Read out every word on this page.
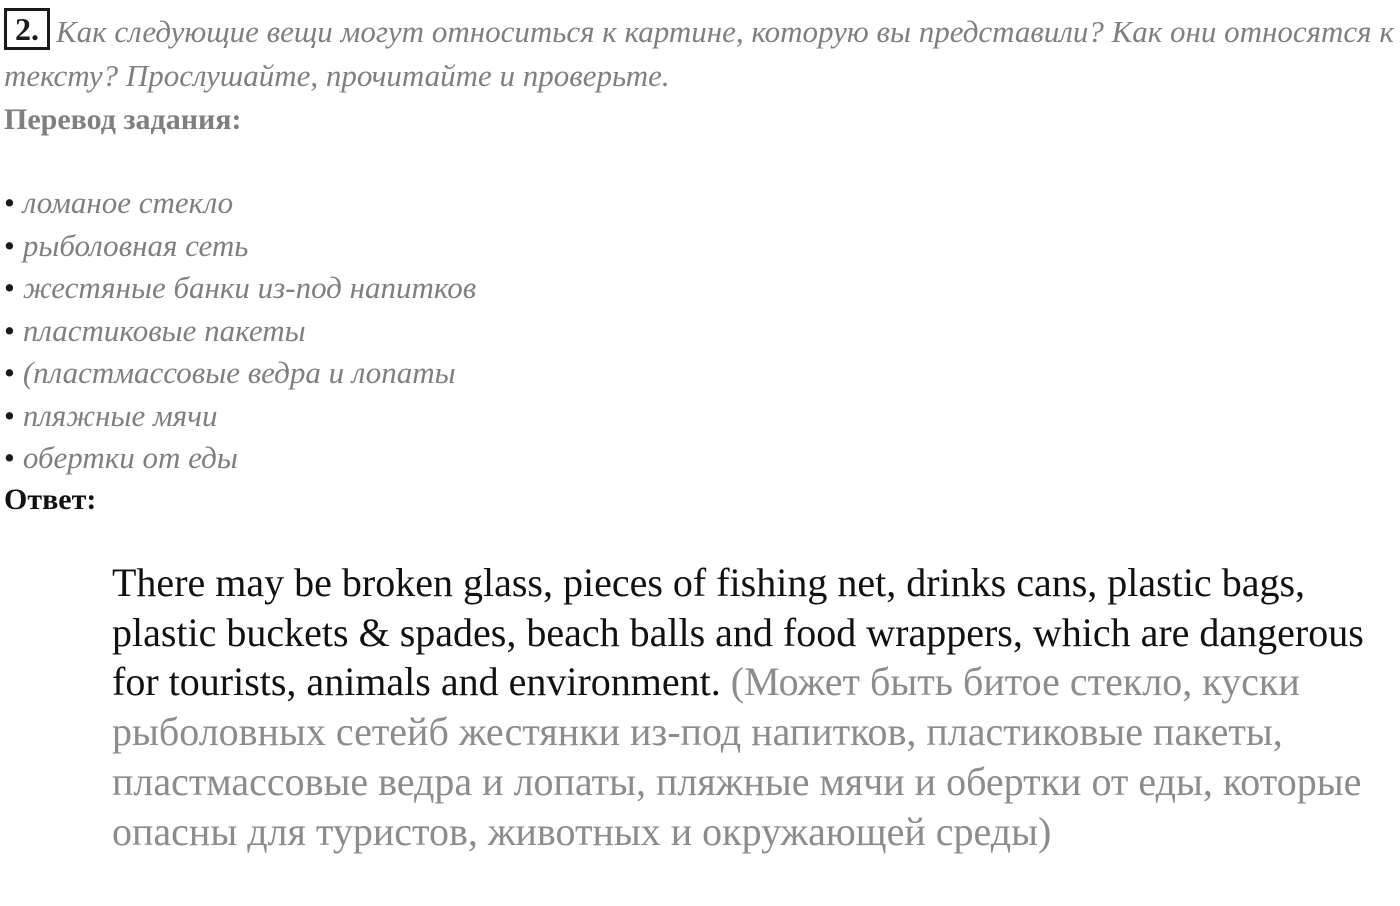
2. Как следующие вещи могут относиться к картине, которую вы представили? Как они относятся к тексту? Прослушайте, прочитайте и проверьте.
Перевод задания:
• ломаное стекло
• рыболовная сеть
• жестяные банки из-под напитков
• пластиковые пакеты
• (пластмассовые ведра и лопаты
• пляжные мячи
• обертки от еды
Ответ:

There may be broken glass, pieces of fishing net, drinks cans, plastic bags, plastic buckets & spades, beach balls and food wrappers, which are dangerous for tourists, animals and environment. (Может быть битое стекло, куски рыболовных сетейб жестянки из-под напитков, пластиковые пакеты, пластмассовые ведра и лопаты, пляжные мячи и обертки от еды, которые опасны для туристов, животных и окружающей среды)
